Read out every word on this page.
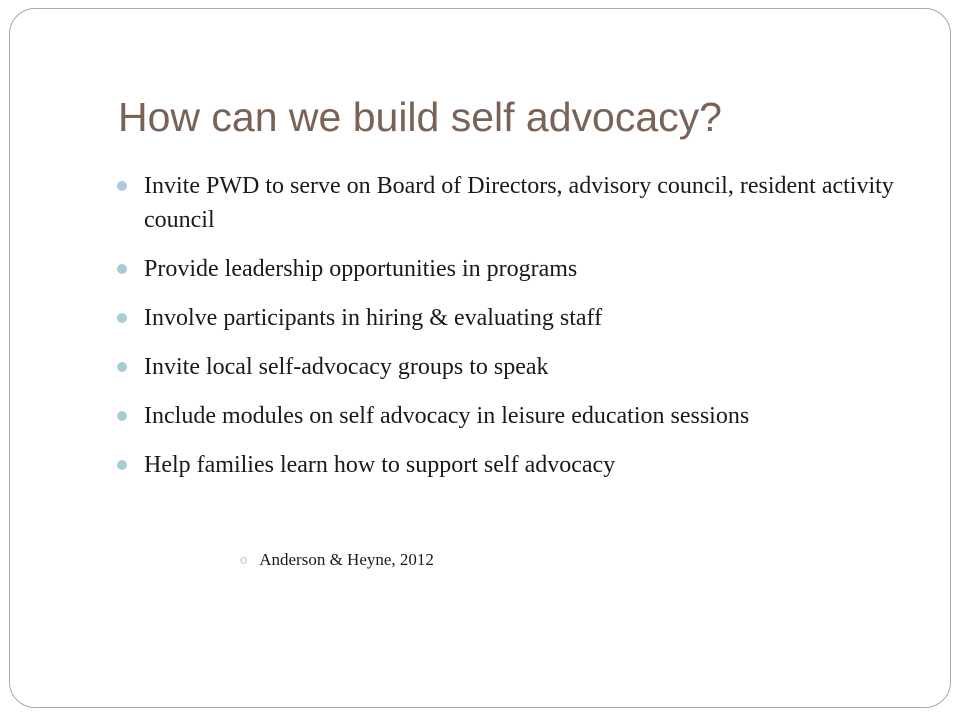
How can we build self advocacy?
Invite PWD to serve on Board of Directors, advisory council, resident activity council
Provide leadership opportunities in programs
Involve participants in hiring & evaluating staff
Invite local self-advocacy groups to speak
Include modules on self advocacy in leisure education sessions
Help families learn how to support self advocacy

o Anderson & Heyne, 2012
